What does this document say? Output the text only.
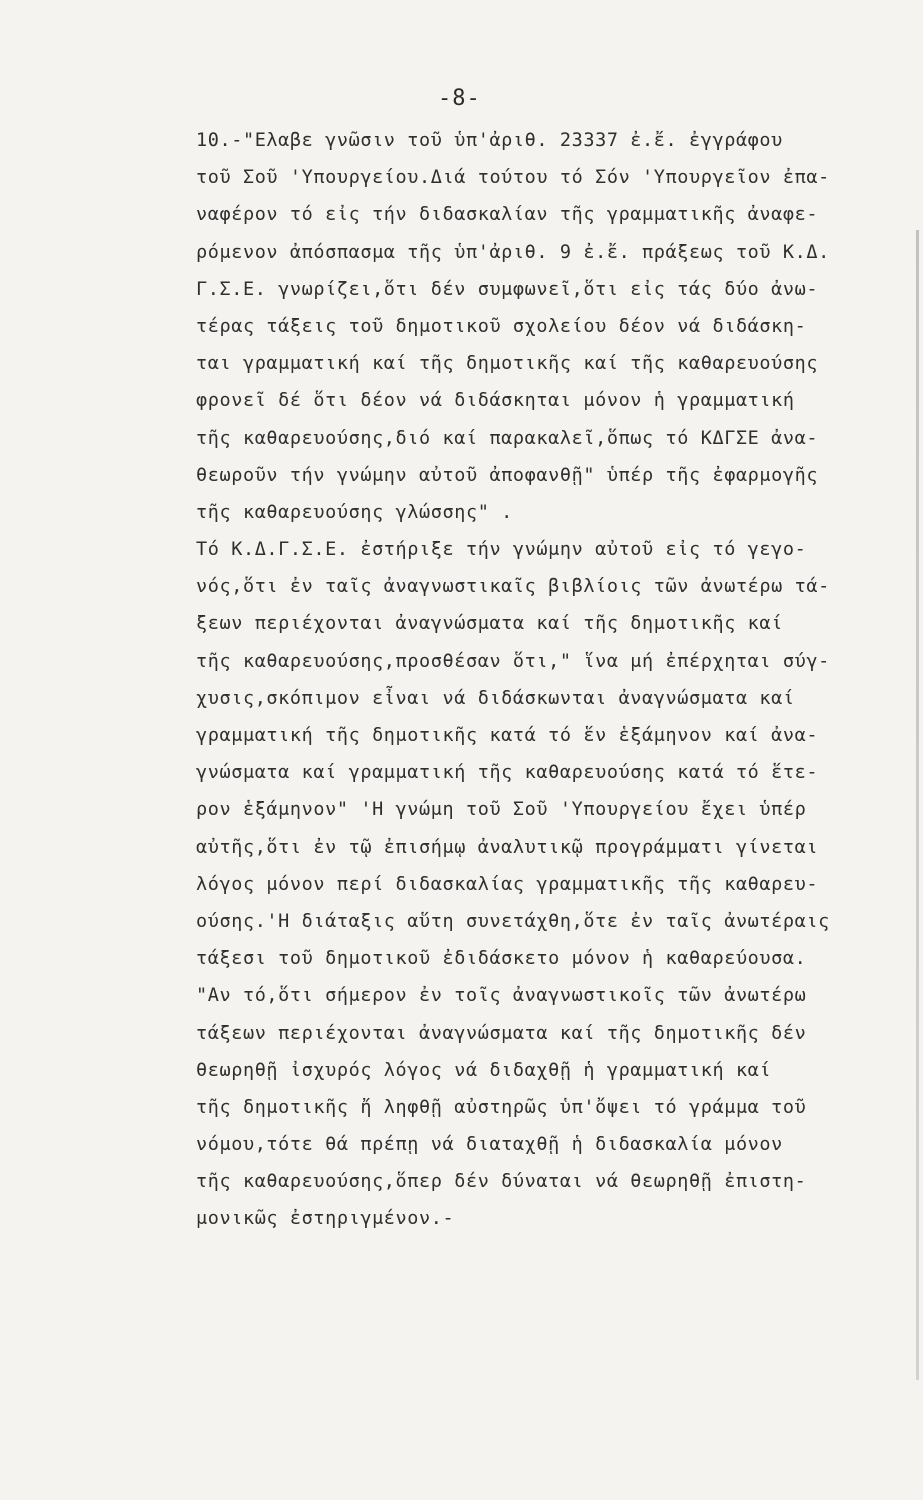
-8-
10.-"Ελαβε γνῶσιν τοῦ ὑπ'ἀριθ. 23337 ἐ.ἔ. ἐγγράφου
τοῦ Σοῦ 'Υπουργείου.Διά τούτου τό Σόν 'Υπουργεῖον ἐπα-
ναφέρον τό εἰς τήν διδασκαλίαν τῆς γραμματικῆς ἀναφε-
ρόμενον ἀπόσπασμα τῆς ὑπ'ἀριθ. 9 ἐ.ἔ. πράξεως τοῦ Κ.Δ.
Γ.Σ.Ε. γνωρίζει,ὅτι δέν συμφωνεῖ,ὅτι εἰς τάς δύο ἀνω-
τέρας τάξεις τοῦ δημοτικοῦ σχολείου δέον νά διδάσκη-
ται γραμματική καί τῆς δημοτικῆς καί τῆς καθαρευούσης
φρονεῖ δέ ὅτι δέον νά διδάσκηται μόνον ἡ γραμματική
τῆς καθαρευούσης,διό καί παρακαλεῖ,ὅπως τό ΚΔΓΣΕ ἀνα-
θεωροῦν τήν γνώμην αὐτοῦ ἀποφανθῇ" ὑπέρ τῆς ἐφαρμογῆς
τῆς καθαρευούσης γλώσσης" .
Τό Κ.Δ.Γ.Σ.Ε. ἐστήριξε τήν γνώμην αὐτοῦ εἰς τό γεγο-
νός,ὅτι ἐν ταῖς ἀναγνωστικαῖς βιβλίοις τῶν ἀνωτέρω τά-
ξεων περιέχονται ἀναγνώσματα καί τῆς δημοτικῆς καί
τῆς καθαρευούσης,προσθέσαν ὅτι," ἵνα μή ἐπέρχηται σύγ-
χυσις,σκόπιμον εἶναι νά διδάσκωνται ἀναγνώσματα καί
γραμματική τῆς δημοτικῆς κατά τό ἕν ἑξάμηνον καί ἀνα-
γνώσματα καί γραμματική τῆς καθαρευούσης κατά τό ἕτε-
ρον ἑξάμηνον" 'Η γνώμη τοῦ Σοῦ 'Υπουργείου ἔχει ὑπέρ
αὐτῆς,ὅτι ἐν τῷ ἐπισήμῳ ἀναλυτικῷ προγράμματι γίνεται
λόγος μόνον περί διδασκαλίας γραμματικῆς τῆς καθαρευ-
ούσης.'Η διάταξις αὕτη συνετάχθη,ὅτε ἐν ταῖς ἀνωτέραις
τάξεσι τοῦ δημοτικοῦ ἐδιδάσκετο μόνον ἡ καθαρεύουσα.
"Αν τό,ὅτι σήμερον ἐν τοῖς ἀναγνωστικοῖς τῶν ἀνωτέρω
τάξεων περιέχονται ἀναγνώσματα καί τῆς δημοτικῆς δέν
θεωρηθῇ ἰσχυρός λόγος νά διδαχθῇ ἡ γραμματική καί
τῆς δημοτικῆς ἤ ληφθῇ αὐστηρῶς ὑπ'ὄψει τό γράμμα τοῦ
νόμου,τότε θά πρέπῃ νά διαταχθῇ ἡ διδασκαλία μόνον
τῆς καθαρευούσης,ὅπερ δέν δύναται νά θεωρηθῇ ἐπιστη-
μονικῶς ἐστηριγμένον.-
